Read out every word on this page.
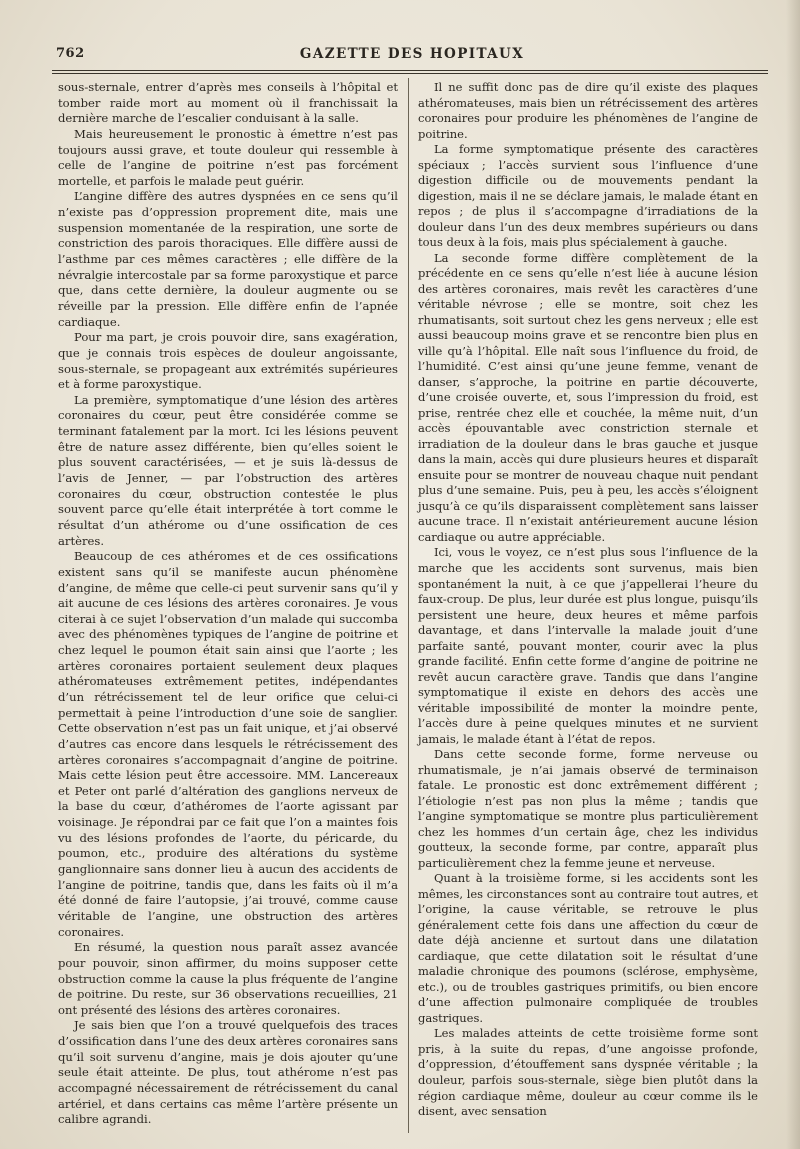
762	GAZETTE DES HOPITAUX

sous-sternale, entrer d’après mes conseils à l’hôpital et tomber raide mort au moment où il franchissait la dernière marche de l’escalier conduisant à la salle.

Mais heureusement le pronostic à émettre n’est pas toujours aussi grave, et toute douleur qui ressemble à celle de l’angine de poitrine n’est pas forcément mortelle, et parfois le malade peut guérir.

L’angine diffère des autres dyspnées en ce sens qu’il n’existe pas d’oppression proprement dite, mais une suspension momentanée de la respiration, une sorte de constriction des parois thoraciques. Elle diffère aussi de l’asthme par ces mêmes caractères ; elle diffère de la névralgie intercostale par sa forme paroxystique et parce que, dans cette dernière, la douleur augmente ou se réveille par la pression. Elle diffère enfin de l’apnée cardiaque.

Pour ma part, je crois pouvoir dire, sans exagération, que je connais trois espèces de douleur angoissante, sous-sternale, se propageant aux extrémités supérieures et à forme paroxystique.

La première, symptomatique d’une lésion des artères coronaires du cœur, peut être considérée comme se terminant fatalement par la mort. Ici les lésions peuvent être de nature assez différente, bien qu’elles soient le plus souvent caractérisées, — et je suis là-dessus de l’avis de Jenner, — par l’obstruction des artères coronaires du cœur, obstruction contestée le plus souvent parce qu’elle était interprétée à tort comme le résultat d’un athérome ou d’une ossification de ces artères.

Beaucoup de ces athéromes et de ces ossifications existent sans qu’il se manifeste aucun phénomène d’angine, de même que celle-ci peut survenir sans qu’il y ait aucune de ces lésions des artères coronaires. Je vous citerai à ce sujet l’observation d’un malade qui succomba avec des phénomènes typiques de l’angine de poitrine et chez lequel le poumon était sain ainsi que l’aorte ; les artères coronaires portaient seulement deux plaques athéromateuses extrêmement petites, indépendantes d’un rétrécissement tel de leur orifice que celui-ci permettait à peine l’introduction d’une soie de sanglier. Cette observation n’est pas un fait unique, et j’ai observé d’autres cas encore dans lesquels le rétrécissement des artères coronaires s’accompagnait d’angine de poitrine. Mais cette lésion peut être accessoire. MM. Lancereaux et Peter ont parlé d’altération des ganglions nerveux de la base du cœur, d’athéromes de l’aorte agissant par voisinage. Je répondrai par ce fait que l’on a maintes fois vu des lésions profondes de l’aorte, du péricarde, du poumon, etc., produire des altérations du système ganglionnaire sans donner lieu à aucun des accidents de l’angine de poitrine, tandis que, dans les faits où il m’a été donné de faire l’autopsie, j’ai trouvé, comme cause véritable de l’angine, une obstruction des artères coronaires.

En résumé, la question nous paraît assez avancée pour pouvoir, sinon affirmer, du moins supposer cette obstruction comme la cause la plus fréquente de l’angine de poitrine. Du reste, sur 36 observations recueillies, 21 ont présenté des lésions des artères coronaires.

Je sais bien que l’on a trouvé quelquefois des traces d’ossification dans l’une des deux artères coronaires sans qu’il soit survenu d’angine, mais je dois ajouter qu’une seule était atteinte. De plus, tout athérome n’est pas accompagné nécessairement de rétrécissement du canal artériel, et dans certains cas même l’artère présente un calibre agrandi.

Il ne suffit donc pas de dire qu’il existe des plaques athéromateuses, mais bien un rétrécissement des artères coronaires pour produire les phénomènes de l’angine de poitrine.

La forme symptomatique présente des caractères spéciaux ; l’accès survient sous l’influence d’une digestion difficile ou de mouvements pendant la digestion, mais il ne se déclare jamais, le malade étant en repos ; de plus il s’accompagne d’irradiations de la douleur dans l’un des deux membres supérieurs ou dans tous deux à la fois, mais plus spécialement à gauche.

La seconde forme diffère complètement de la précédente en ce sens qu’elle n’est liée à aucune lésion des artères coronaires, mais revêt les caractères d’une véritable névrose ; elle se montre, soit chez les rhumatisants, soit surtout chez les gens nerveux ; elle est aussi beaucoup moins grave et se rencontre bien plus en ville qu’à l’hôpital. Elle naît sous l’influence du froid, de l’humidité. C’est ainsi qu’une jeune femme, venant de danser, s’approche, la poitrine en partie découverte, d’une croisée ouverte, et, sous l’impression du froid, est prise, rentrée chez elle et couchée, la même nuit, d’un accès épouvantable avec constriction sternale et irradiation de la douleur dans le bras gauche et jusque dans la main, accès qui dure plusieurs heures et disparaît ensuite pour se montrer de nouveau chaque nuit pendant plus d’une semaine. Puis, peu à peu, les accès s’éloignent jusqu’à ce qu’ils disparaissent complètement sans laisser aucune trace. Il n’existait antérieurement aucune lésion cardiaque ou autre appréciable.

Ici, vous le voyez, ce n’est plus sous l’influence de la marche que les accidents sont survenus, mais bien spontanément la nuit, à ce que j’appellerai l’heure du faux-croup. De plus, leur durée est plus longue, puisqu’ils persistent une heure, deux heures et même parfois davantage, et dans l’intervalle la malade jouit d’une parfaite santé, pouvant monter, courir avec la plus grande facilité. Enfin cette forme d’angine de poitrine ne revêt aucun caractère grave. Tandis que dans l’angine symptomatique il existe en dehors des accès une véritable impossibilité de monter la moindre pente, l’accès dure à peine quelques minutes et ne survient jamais, le malade étant à l’état de repos.

Dans cette seconde forme, forme nerveuse ou rhumatismale, je n’ai jamais observé de terminaison fatale. Le pronostic est donc extrêmement différent ; l’étiologie n’est pas non plus la même ; tandis que l’angine symptomatique se montre plus particulièrement chez les hommes d’un certain âge, chez les individus goutteux, la seconde forme, par contre, apparaît plus particulièrement chez la femme jeune et nerveuse.

Quant à la troisième forme, si les accidents sont les mêmes, les circonstances sont au contraire tout autres, et l’origine, la cause véritable, se retrouve le plus généralement cette fois dans une affection du cœur de date déjà ancienne et surtout dans une dilatation cardiaque, que cette dilatation soit le résultat d’une maladie chronique des poumons (sclérose, emphysème, etc.), ou de troubles gastriques primitifs, ou bien encore d’une affection pulmonaire compliquée de troubles gastriques.

Les malades atteints de cette troisième forme sont pris, à la suite du repas, d’une angoisse profonde, d’oppression, d’étouffement sans dyspnée véritable ; la douleur, parfois sous-sternale, siège bien plutôt dans la région cardiaque même, douleur au cœur comme ils le disent, avec sensation
